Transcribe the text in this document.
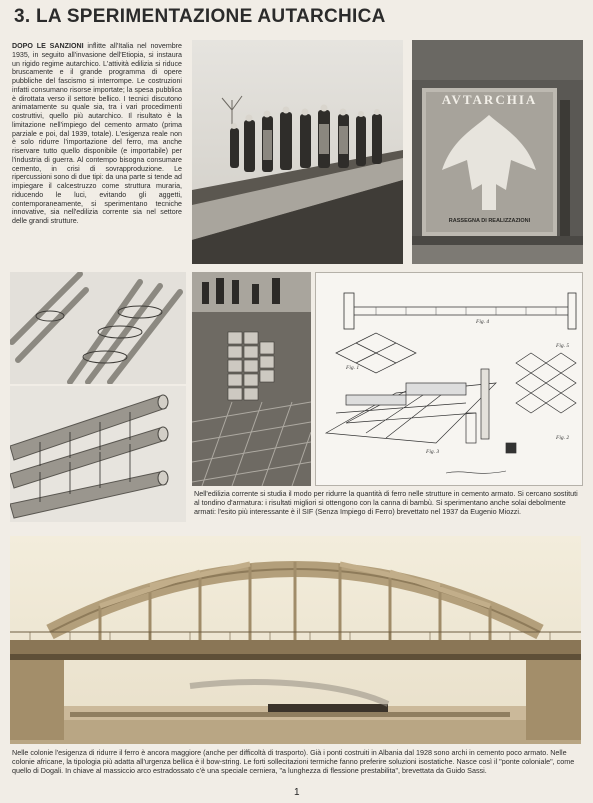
3. LA SPERIMENTAZIONE AUTARCHICA
DOPO LE SANZIONI inflitte all'Italia nel novembre 1935, in seguito all'invasione dell'Etiopia, si instaura un rigido regime autarchico. L'attività edilizia si riduce bruscamente e il grande programma di opere pubbliche del fascismo si interrompe. Le costruzioni infatti consumano risorse importate; la spesa pubblica è dirottata verso il settore bellico. I tecnici discutono animatamente su quale sia, tra i vari procedimenti costruttivi, quello più autarchico. Il risultato è la limitazione nell'impiego del cemento armato (prima parziale e poi, dal 1939, totale). L'esigenza reale non è solo ridurre l'importazione del ferro, ma anche riservare tutto quello disponibile (e importabile) per l'industria di guerra. Al contempo bisogna consumare cemento, in crisi di sovrapproduzione. Le ripercussioni sono di due tipi: da una parte si tende ad impiegare il calcestruzzo come struttura muraria, riducendo le luci, evitando gli aggetti, contemporaneamente, si sperimentano tecniche innovative, sia nell'edilizia corrente sia nel settore delle grandi strutture.
AVTARCHIA
RASSEGNA DI REALIZZAZIONI
Fig. 4
Fig. 1
Fig. 3
Fig. 2
Fig. 5
Nell'edilizia corrente si studia il modo per ridurre la quantità di ferro nelle strutture in cemento armato. Si cercano sostituti al tondino d'armatura: i risultati migliori si ottengono con la canna di bambù. Si sperimentano anche solai debolmente armati: l'esito più interessante è il SIF (Senza Impiego di Ferro) brevettato nel 1937 da Eugenio Miozzi.
Nelle colonie l'esigenza di ridurre il ferro è ancora maggiore (anche per difficoltà di trasporto). Già i ponti costruiti in Albania dal 1928 sono archi in cemento poco armato. Nelle colonie africane, la tipologia più adatta all'urgenza bellica è il bow-string. Le forti sollecitazioni termiche fanno preferire soluzioni isostatiche. Nasce così il "ponte coloniale", come quello di Dogali. In chiave al massiccio arco estradossato c'è una speciale cerniera, "a lunghezza di flessione prestabilita", brevettata da Guido Sassi.
1
